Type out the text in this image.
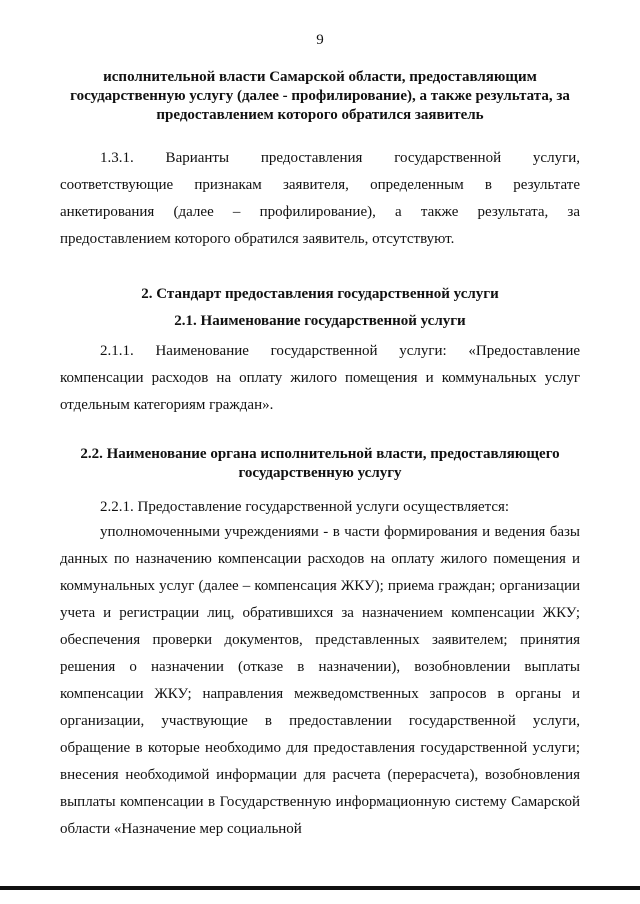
9
исполнительной власти Самарской области, предоставляющим государственную услугу (далее - профилирование), а также результата, за предоставлением которого обратился заявитель
1.3.1. Варианты предоставления государственной услуги, соответствующие признакам заявителя, определенным в результате анкетирования (далее – профилирование), а также результата, за предоставлением которого обратился заявитель, отсутствуют.
2. Стандарт предоставления государственной услуги
2.1. Наименование государственной услуги
2.1.1. Наименование государственной услуги: «Предоставление компенсации расходов на оплату жилого помещения и коммунальных услуг отдельным категориям граждан».
2.2. Наименование органа исполнительной власти, предоставляющего государственную услугу
2.2.1. Предоставление государственной услуги осуществляется:
уполномоченными учреждениями - в части формирования и ведения базы данных по назначению компенсации расходов на оплату жилого помещения и коммунальных услуг (далее – компенсация ЖКУ); приема граждан; организации учета и регистрации лиц, обратившихся за назначением компенсации ЖКУ; обеспечения проверки документов, представленных заявителем; принятия решения о назначении (отказе в назначении), возобновлении выплаты компенсации ЖКУ; направления межведомственных запросов в органы и организации, участвующие в предоставлении государственной услуги, обращение в которые необходимо для предоставления государственной услуги; внесения необходимой информации для расчета (перерасчета), возобновления выплаты компенсации в Государственную информационную систему Самарской области «Назначение мер социальной
